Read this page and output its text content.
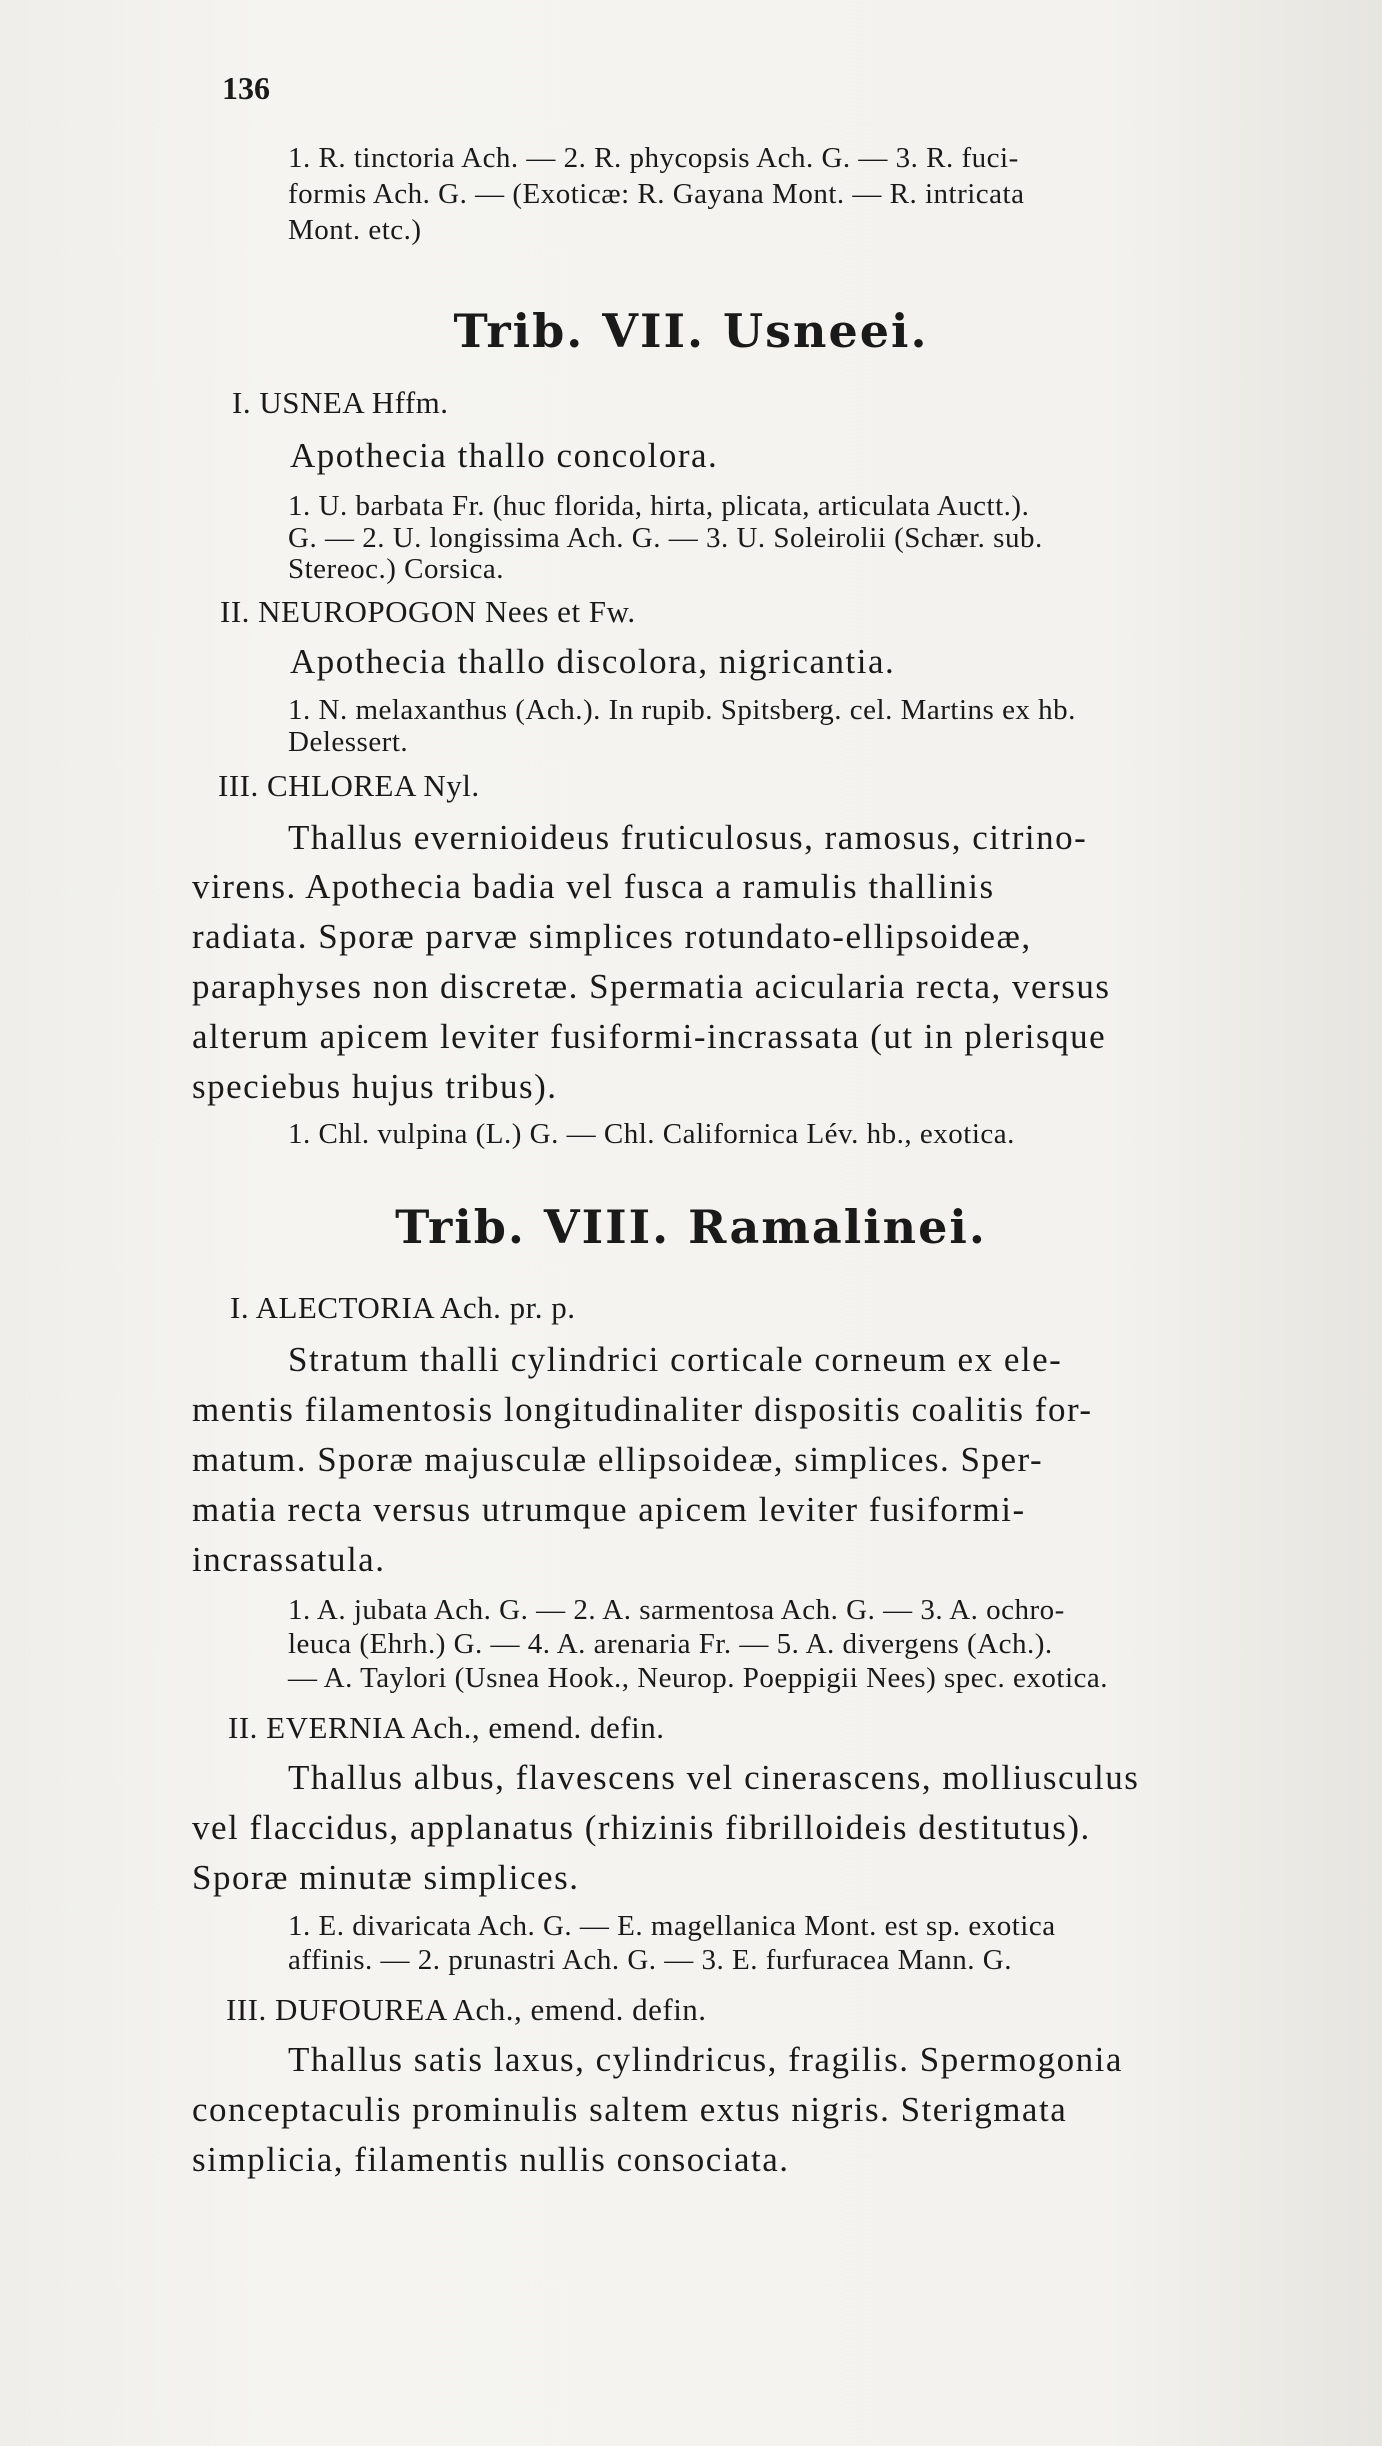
136
1. R. tinctoria Ach. — 2. R. phycopsis Ach. G. — 3. R. fuci-
formis Ach. G. — (Exoticæ: R. Gayana Mont. — R. intricata
Mont. etc.)
Trib. VII. Usneei.
I. USNEA Hffm.
Apothecia thallo concolora.
1. U. barbata Fr. (huc florida, hirta, plicata, articulata Auctt.).
G. — 2. U. longissima Ach. G. — 3. U. Soleirolii (Schær. sub.
Stereoc.) Corsica.
II. NEUROPOGON Nees et Fw.
Apothecia thallo discolora, nigricantia.
1. N. melaxanthus (Ach.). In rupib. Spitsberg. cel. Martins ex hb.
Delessert.
III. CHLOREA Nyl.
Thallus evernioideus fruticulosus, ramosus, citrino-
virens. Apothecia badia vel fusca a ramulis thallinis
radiata. Sporæ parvæ simplices rotundato-ellipsoideæ,
paraphyses non discretæ. Spermatia acicularia recta, versus
alterum apicem leviter fusiformi-incrassata (ut in plerisque
speciebus hujus tribus).
1. Chl. vulpina (L.) G. — Chl. Californica Lév. hb., exotica.
Trib. VIII. Ramalinei.
I. ALECTORIA Ach. pr. p.
Stratum thalli cylindrici corticale corneum ex ele-
mentis filamentosis longitudinaliter dispositis coalitis for-
matum. Sporæ majusculæ ellipsoideæ, simplices. Sper-
matia recta versus utrumque apicem leviter fusiformi-
incrassatula.
1. A. jubata Ach. G. — 2. A. sarmentosa Ach. G. — 3. A. ochro-
leuca (Ehrh.) G. — 4. A. arenaria Fr. — 5. A. divergens (Ach.).
— A. Taylori (Usnea Hook., Neurop. Poeppigii Nees) spec. exotica.
II. EVERNIA Ach., emend. defin.
Thallus albus, flavescens vel cinerascens, molliusculus
vel flaccidus, applanatus (rhizinis fibrilloideis destitutus).
Sporæ minutæ simplices.
1. E. divaricata Ach. G. — E. magellanica Mont. est sp. exotica
affinis. — 2. prunastri Ach. G. — 3. E. furfuracea Mann. G.
III. DUFOUREA Ach., emend. defin.
Thallus satis laxus, cylindricus, fragilis. Spermogonia
conceptaculis prominulis saltem extus nigris. Sterigmata
simplicia, filamentis nullis consociata.
